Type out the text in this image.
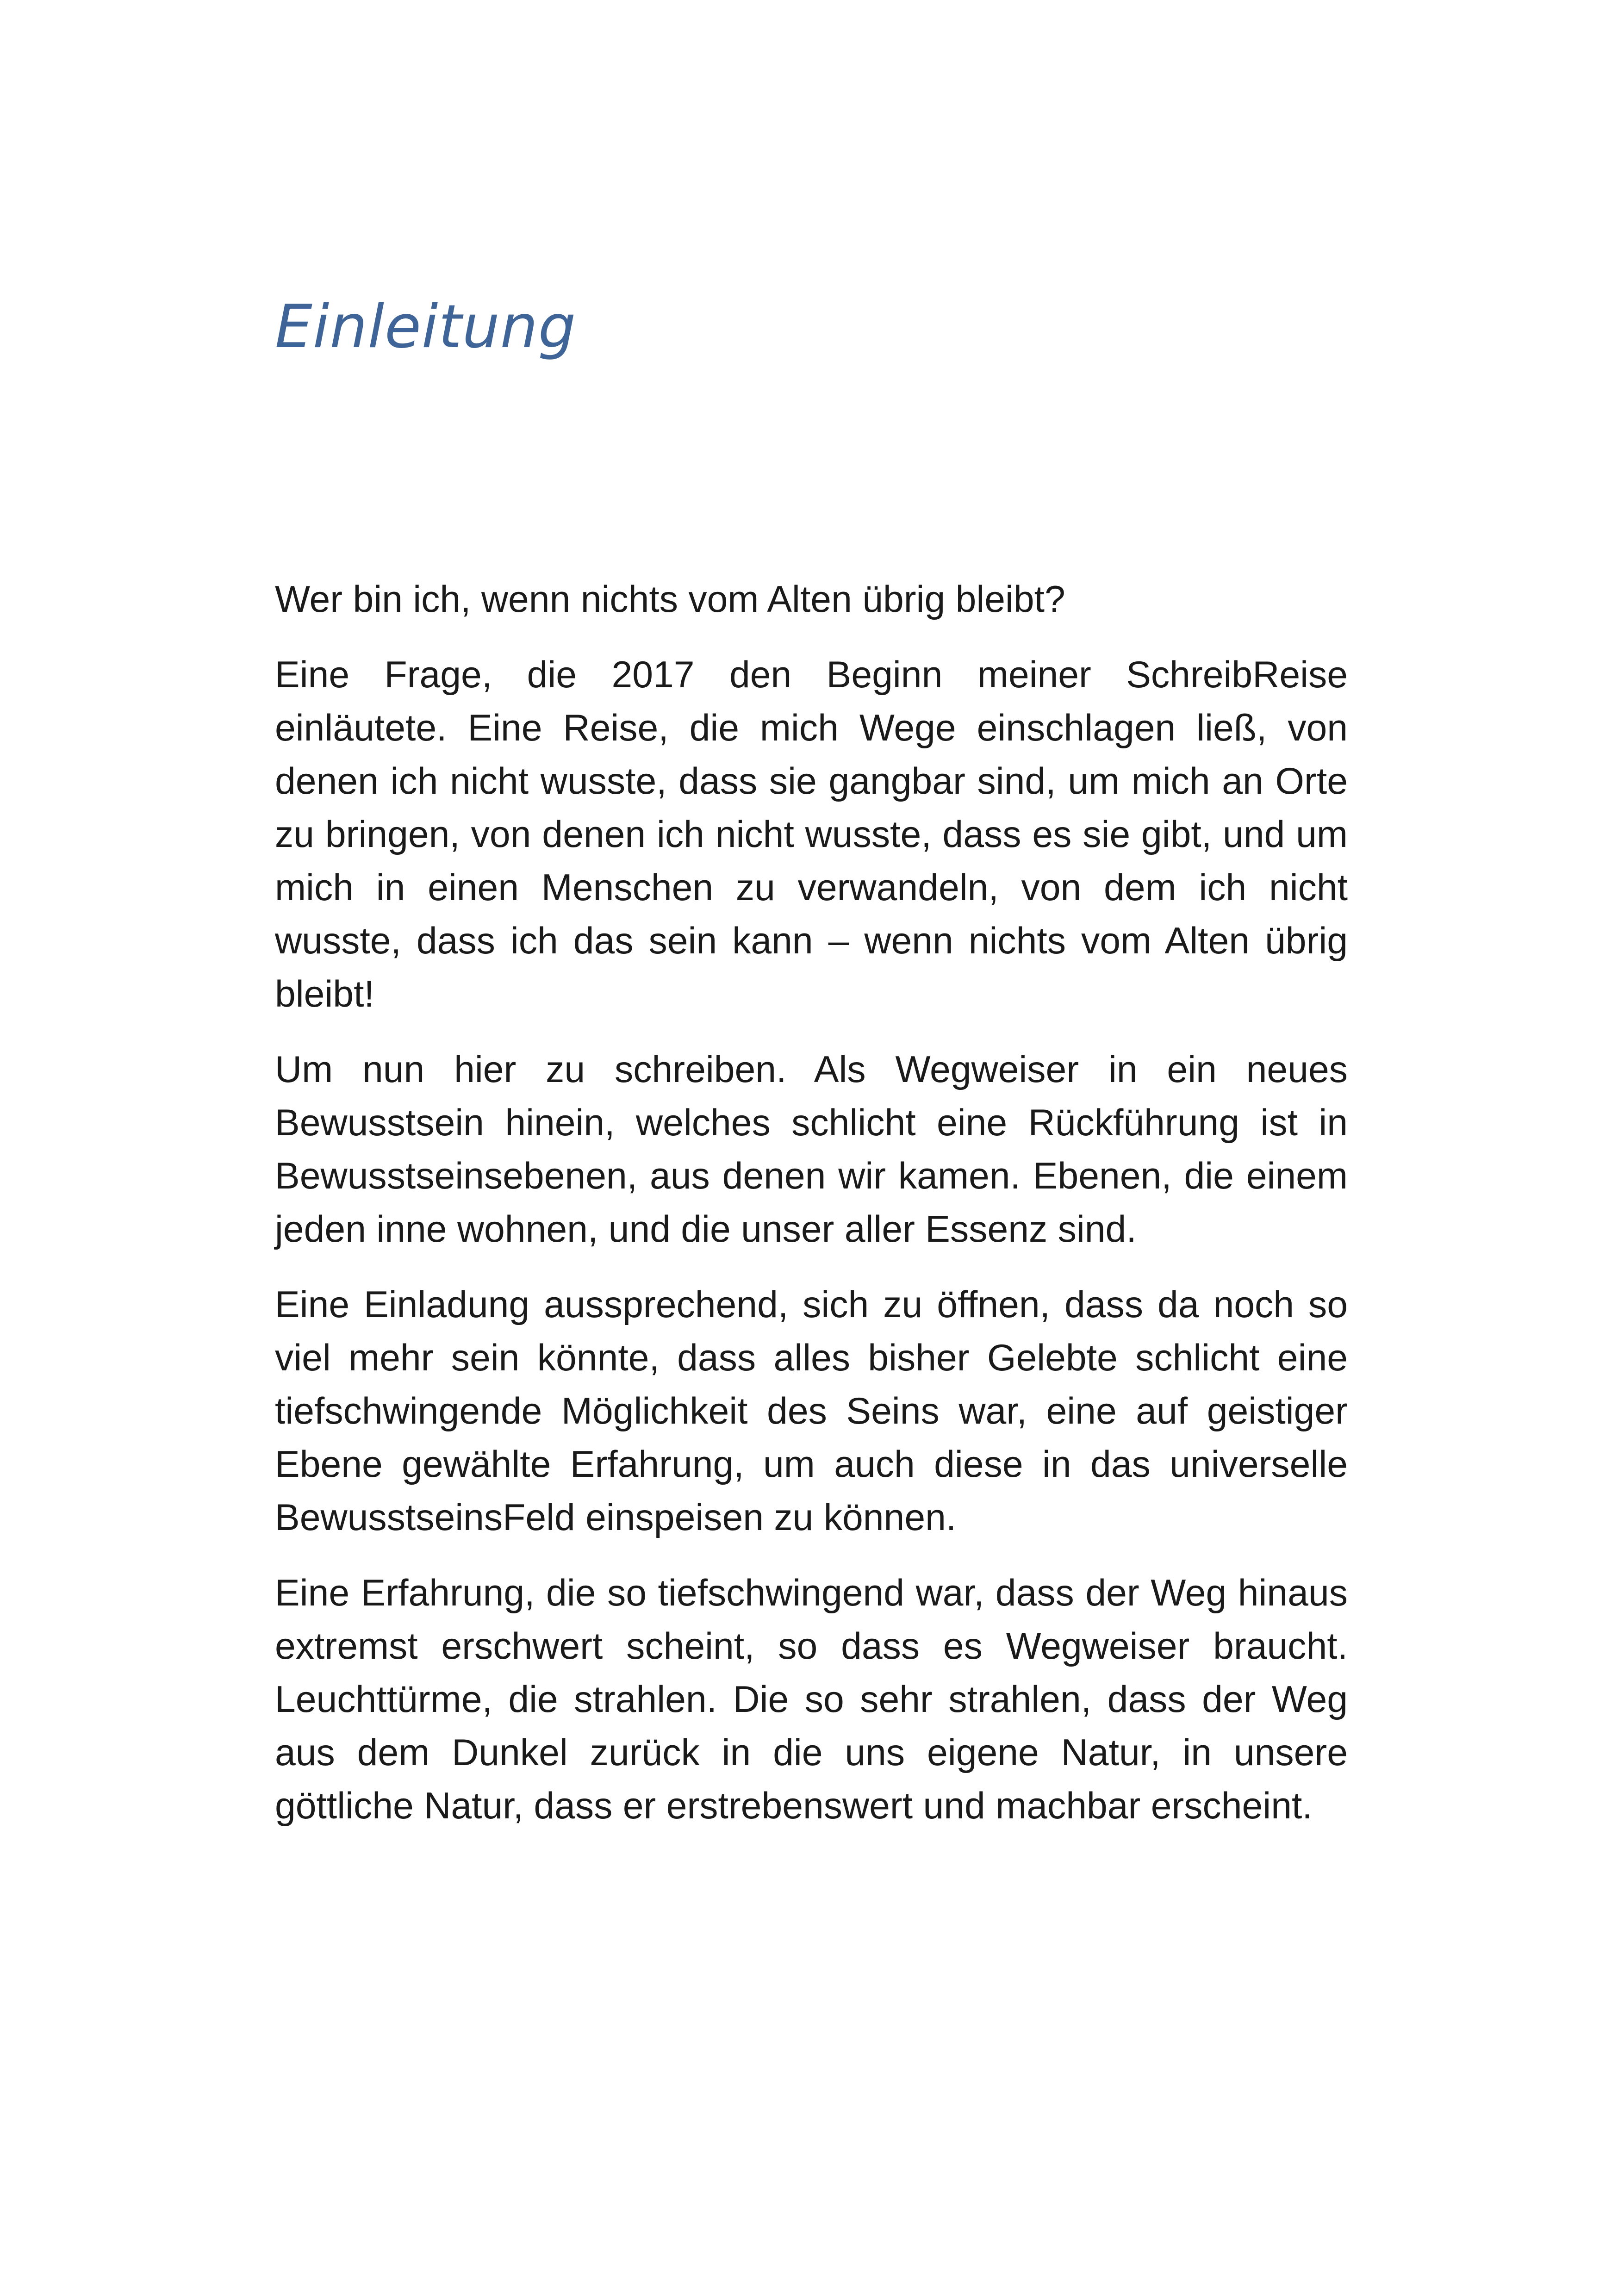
Einleitung

Wer bin ich, wenn nichts vom Alten übrig bleibt?

Eine Frage, die 2017 den Beginn meiner SchreibReise einläutete. Eine Reise, die mich Wege einschlagen ließ, von denen ich nicht wusste, dass sie gangbar sind, um mich an Orte zu bringen, von denen ich nicht wusste, dass es sie gibt, und um mich in einen Menschen zu verwandeln, von dem ich nicht wusste, dass ich das sein kann – wenn nichts vom Alten übrig bleibt!

Um nun hier zu schreiben. Als Wegweiser in ein neues Bewusstsein hinein, welches schlicht eine Rückführung ist in Bewusstseinsebenen, aus denen wir kamen. Ebenen, die einem jeden inne wohnen, und die unser aller Essenz sind.

Eine Einladung aussprechend, sich zu öffnen, dass da noch so viel mehr sein könnte, dass alles bisher Gelebte schlicht eine tiefschwingende Möglichkeit des Seins war, eine auf geistiger Ebene gewählte Erfahrung, um auch diese in das universelle BewusstseinsFeld einspeisen zu können.

Eine Erfahrung, die so tiefschwingend war, dass der Weg hinaus extremst erschwert scheint, so dass es Wegweiser braucht. Leuchttürme, die strahlen. Die so sehr strahlen, dass der Weg aus dem Dunkel zurück in die uns eigene Natur, in unsere göttliche Natur, dass er erstrebenswert und machbar erscheint.
